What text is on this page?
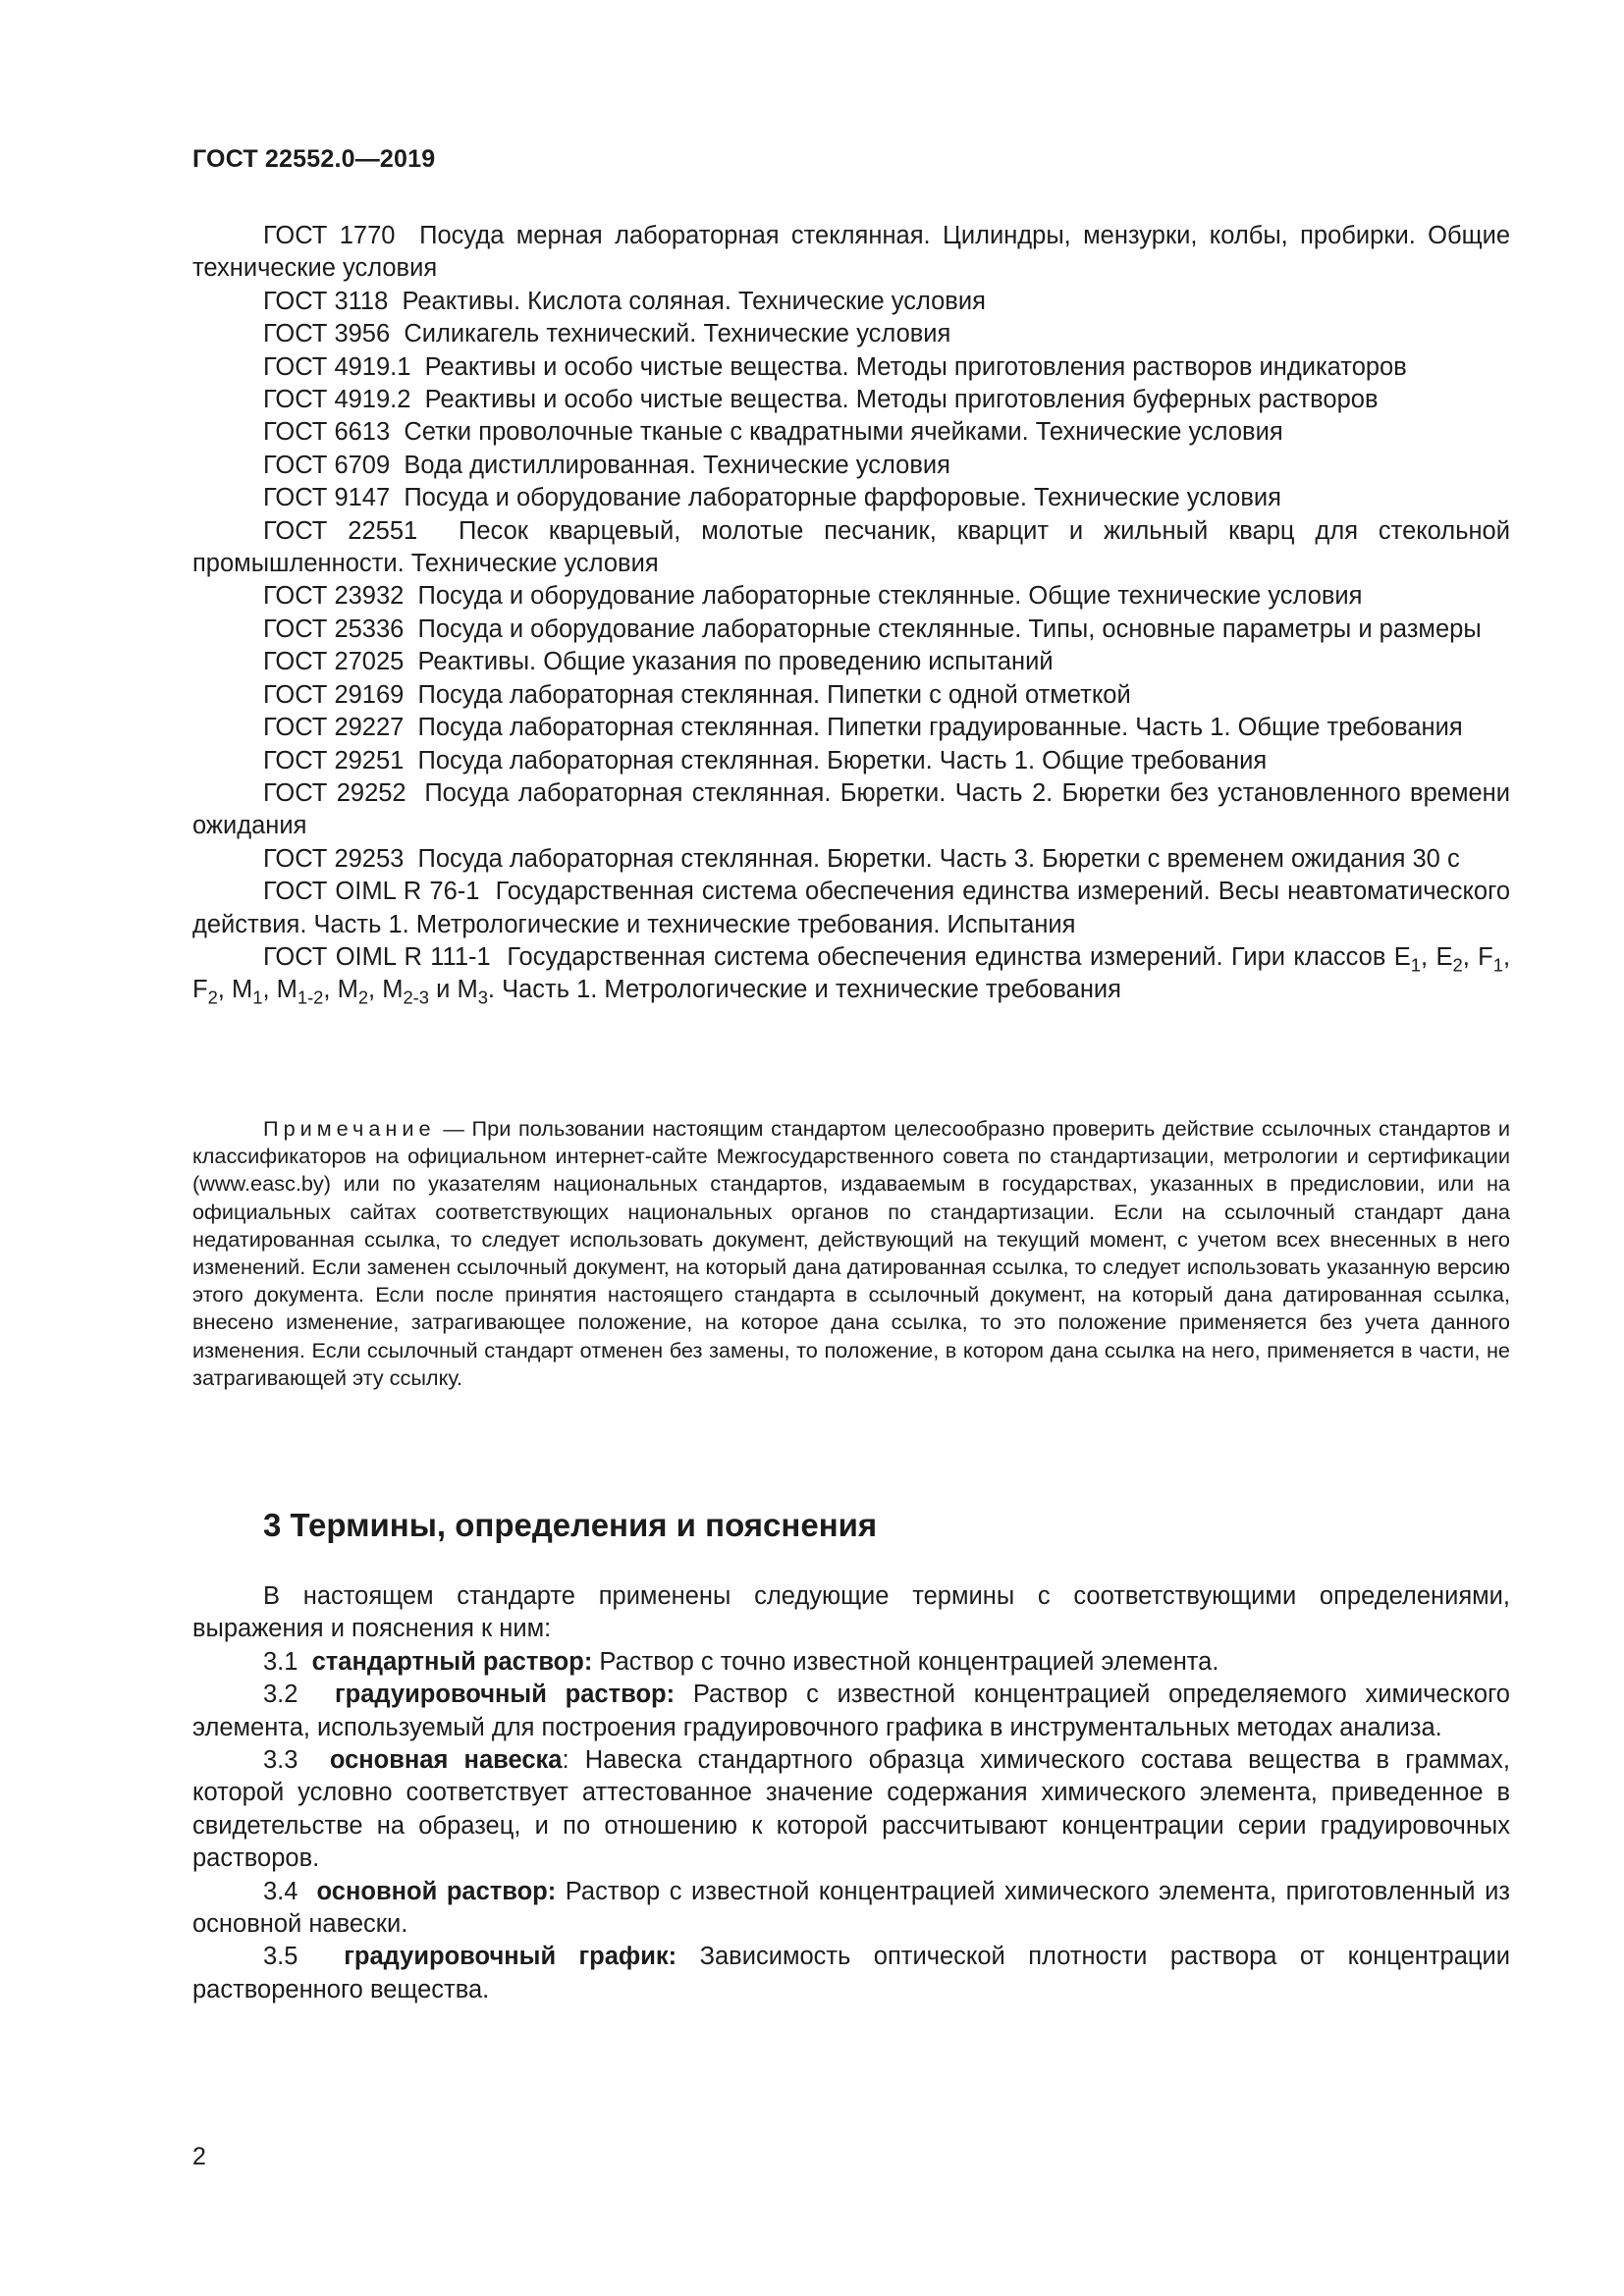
ГОСТ 22552.0—2019

ГОСТ 1770 Посуда мерная лабораторная стеклянная. Цилиндры, мензурки, колбы, пробирки. Общие технические условия

ГОСТ 3118 Реактивы. Кислота соляная. Технические условия

ГОСТ 3956 Силикагель технический. Технические условия

ГОСТ 4919.1 Реактивы и особо чистые вещества. Методы приготовления растворов индикаторов

ГОСТ 4919.2 Реактивы и особо чистые вещества. Методы приготовления буферных растворов

ГОСТ 6613 Сетки проволочные тканые с квадратными ячейками. Технические условия

ГОСТ 6709 Вода дистиллированная. Технические условия

ГОСТ 9147 Посуда и оборудование лабораторные фарфоровые. Технические условия

ГОСТ 22551 Песок кварцевый, молотые песчаник, кварцит и жильный кварц для стекольной промышленности. Технические условия

ГОСТ 23932 Посуда и оборудование лабораторные стеклянные. Общие технические условия

ГОСТ 25336 Посуда и оборудование лабораторные стеклянные. Типы, основные параметры и размеры

ГОСТ 27025 Реактивы. Общие указания по проведению испытаний

ГОСТ 29169 Посуда лабораторная стеклянная. Пипетки с одной отметкой

ГОСТ 29227 Посуда лабораторная стеклянная. Пипетки градуированные. Часть 1. Общие требования

ГОСТ 29251 Посуда лабораторная стеклянная. Бюретки. Часть 1. Общие требования

ГОСТ 29252 Посуда лабораторная стеклянная. Бюретки. Часть 2. Бюретки без установленного времени ожидания

ГОСТ 29253 Посуда лабораторная стеклянная. Бюретки. Часть 3. Бюретки с временем ожидания 30 с

ГОСТ OIML R 76-1 Государственная система обеспечения единства измерений. Весы неавтоматического действия. Часть 1. Метрологические и технические требования. Испытания

ГОСТ OIML R 111-1 Государственная система обеспечения единства измерений. Гири классов $E_1$, $E_2$, $F_1$, $F_2$, $M_1$, $M_{1-2}$, $M_2$, $M_{2-3}$ и $M_3$. Часть 1. Метрологические и технические требования

Примечание — При пользовании настоящим стандартом целесообразно проверить действие ссылочных стандартов и классификаторов на официальном интернет-сайте Межгосударственного совета по стандартизации, метрологии и сертификации (www.easc.by) или по указателям национальных стандартов, издаваемым в государствах, указанных в предисловии, или на официальных сайтах соответствующих национальных органов по стандартизации. Если на ссылочный стандарт дана недатированная ссылка, то следует использовать документ, действующий на текущий момент, с учетом всех внесенных в него изменений. Если заменен ссылочный документ, на который дана датированная ссылка, то следует использовать указанную версию этого документа. Если после принятия настоящего стандарта в ссылочный документ, на который дана датированная ссылка, внесено изменение, затрагивающее положение, на которое дана ссылка, то это положение применяется без учета данного изменения. Если ссылочный стандарт отменен без замены, то положение, в котором дана ссылка на него, применяется в части, не затрагивающей эту ссылку.

3 Термины, определения и пояснения

В настоящем стандарте применены следующие термины с соответствующими определениями, выражения и пояснения к ним:

3.1 стандартный раствор: Раствор с точно известной концентрацией элемента.

3.2 градуировочный раствор: Раствор с известной концентрацией определяемого химического элемента, используемый для построения градуировочного графика в инструментальных методах анализа.

3.3 основная навеска: Навеска стандартного образца химического состава вещества в граммах, которой условно соответствует аттестованное значение содержания химического элемента, приведенное в свидетельстве на образец, и по отношению к которой рассчитывают концентрации серии градуировочных растворов.

3.4 основной раствор: Раствор с известной концентрацией химического элемента, приготовленный из основной навески.

3.5 градуировочный график: Зависимость оптической плотности раствора от концентрации растворенного вещества.

2
